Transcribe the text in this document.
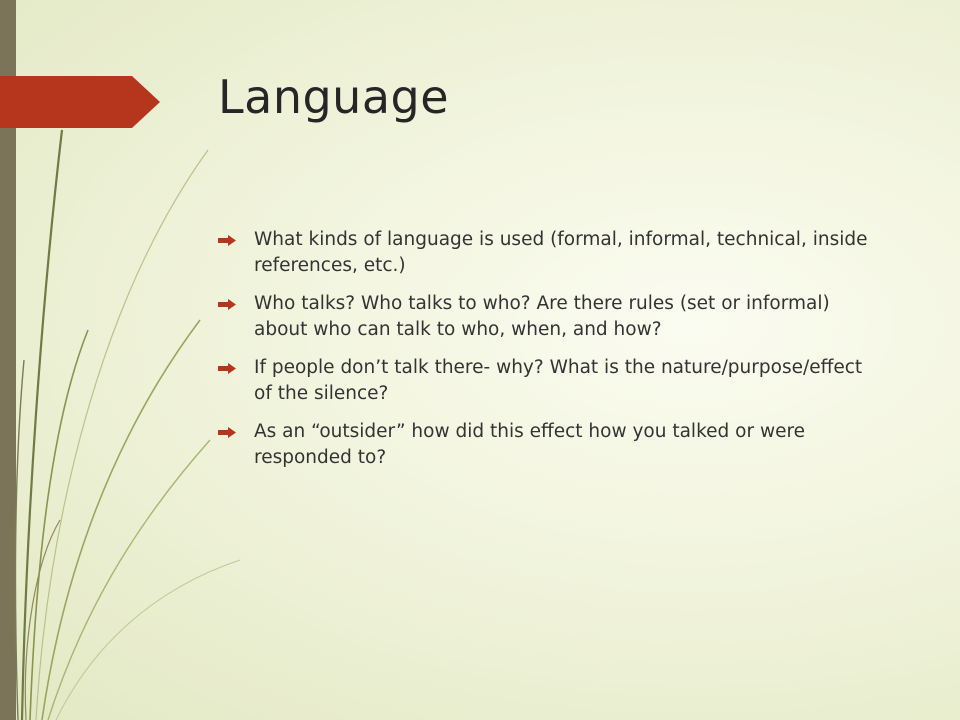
Language
What kinds of language is used (formal, informal, technical, inside references, etc.)
Who talks? Who talks to who? Are there rules (set or informal) about who can talk to who, when, and how?
If people don’t talk there- why? What is the nature/purpose/effect of the silence?
As an “outsider” how did this effect how you talked or were responded to?
